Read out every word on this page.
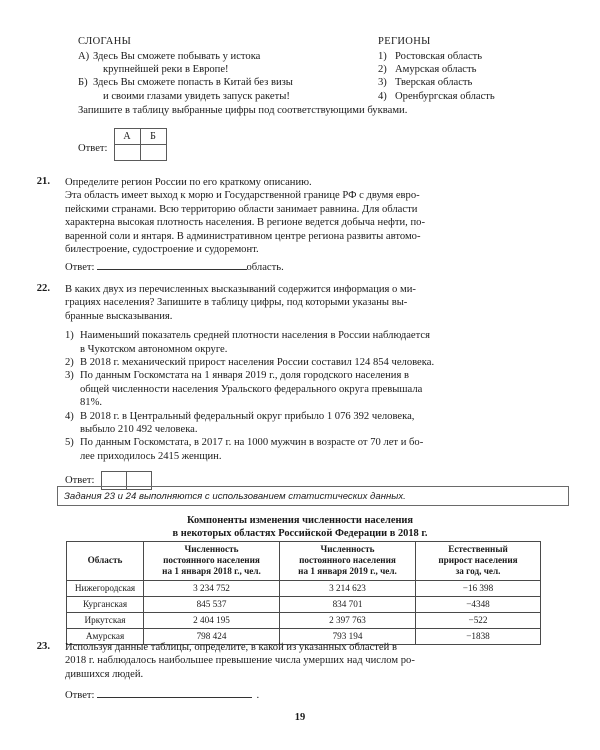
СЛОГАНЫ
А) Здесь Вы сможете побывать у истока
крупнейшей реки в Европе!
Б) Здесь Вы сможете попасть в Китай без визы
и своими глазами увидеть запуск ракеты!
РЕГИОНЫ
1) Ростовская область
2) Амурская область
3) Тверская область
4) Оренбургская область
Запишите в таблицу выбранные цифры под соответствующими буквами.
Ответ:
А	Б

21. Определите регион России по его краткому описанию.
Эта область имеет выход к морю и Государственной границе РФ с двумя евро-
пейскими странами. Всю территорию области занимает равнина. Для области
характерна высокая плотность населения. В регионе ведется добыча нефти, по-
варенной соли и янтаря. В административном центре региона развиты автомо-
билестроение, судостроение и судоремонт.
Ответ:	область.
22. В каких двух из перечисленных высказываний содержится информация о ми-
грациях населения? Запишите в таблицу цифры, под которыми указаны вы-
бранные высказывания.
1) Наименьший показатель средней плотности населения в России наблюдается
в Чукотском автономном округе.
2) В 2018 г. механический прирост населения России составил 124 854 человека.
3) По данным Госкомстата на 1 января 2019 г., доля городского населения в
общей численности населения Уральского федерального округа превышала
81%.
4) В 2018 г. в Центральный федеральный округ прибыло 1 076 392 человека,
выбыло 210 492 человека.
5) По данным Госкомстата, в 2017 г. на 1000 мужчин в возрасте от 70 лет и бо-
лее приходилось 2415 женщин.
Ответ:

Задания 23 и 24 выполняются с использованием статистических данных.
Компоненты изменения численности населения
в некоторых областях Российской Федерации в 2018 г.
Область	Численность
постоянного населения
на 1 января 2018 г., чел.	Численность
постоянного населения
на 1 января 2019 г., чел.	Естественный
прирост населения
за год, чел.

Нижегородская	3 234 752	3 214 623	−16 398
Курганская	845 537	834 701	−4348
Иркутская	2 404 195	2 397 763	−522
Амурская	798 424	793 194	−1838
23. Используя данные таблицы, определите, в какой из указанных областей в
2018 г. наблюдалось наибольшее превышение числа умерших над числом ро-
дившихся людей.
Ответ:	.
19
